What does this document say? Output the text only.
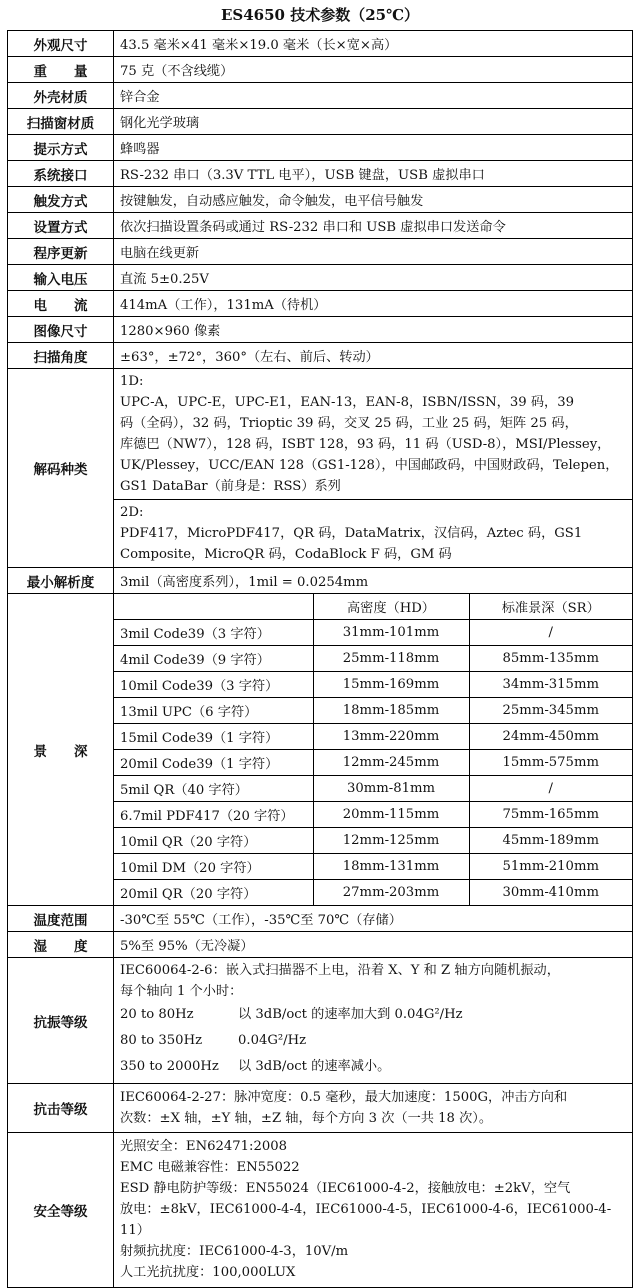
ES4650 技术参数（25℃）
外观尺寸	43.5 毫米×41 毫米×19.0 毫米（长×宽×高）
重　　量	75 克（不含线缆）
外壳材质	锌合金
扫描窗材质	钢化光学玻璃
提示方式	蜂鸣器
系统接口	RS-232 串口（3.3V TTL 电平），USB 键盘，USB 虚拟串口
触发方式	按键触发，自动感应触发，命令触发，电平信号触发
设置方式	依次扫描设置条码或通过 RS-232 串口和 USB 虚拟串口发送命令
程序更新	电脑在线更新
输入电压	直流 5±0.25V
电　　流	414mA（工作），131mA（待机）
图像尺寸	1280×960 像素
扫描角度	±63°，±72°，360°（左右、前后、转动）
解码种类	
1D:
UPC-A，UPC-E，UPC-E1，EAN-13，EAN-8，ISBN/ISSN，39 码，39
码（全码），32 码，Trioptic 39 码，交叉 25 码，工业 25 码，矩阵 25 码，
库德巴（NW7），128 码，ISBT 128，93 码，11 码（USD-8），MSI/Plessey，
UK/Plessey，UCC/EAN 128（GS1-128），中国邮政码，中国财政码，Telepen，
GS1 DataBar（前身是：RSS）系列

2D:
PDF417，MicroPDF417，QR 码，DataMatrix，汉信码，Aztec 码，GS1
Composite，MicroQR 码，CodaBlock F 码，GM 码

最小解析度	3mil（高密度系列），1mil = 0.0254mm
景　　深	
	高密度（HD）	标准景深（SR）
3mil Code39（3 字符）	31mm-101mm	/
4mil Code39（9 字符）	25mm-118mm	85mm-135mm
10mil Code39（3 字符）	15mm-169mm	34mm-315mm
13mil UPC（6 字符）	18mm-185mm	25mm-345mm
15mil Code39（1 字符）	13mm-220mm	24mm-450mm
20mil Code39（1 字符）	12mm-245mm	15mm-575mm
5mil QR（40 字符）	30mm-81mm	/
6.7mil PDF417（20 字符）	20mm-115mm	75mm-165mm
10mil QR（20 字符）	12mm-125mm	45mm-189mm
10mil DM（20 字符）	18mm-131mm	51mm-210mm
20mil QR（20 字符）	27mm-203mm	30mm-410mm

温度范围	-30℃至 55℃（工作），-35℃至 70℃（存储）
湿　　度	5%至 95%（无冷凝）
抗振等级	
IEC60064-2-6：嵌入式扫描器不上电，沿着 X、Y 和 Z 轴方向随机振动，
每个轴向 1 个小时：
20 to 80Hz	以 3dB/oct 的速率加大到 0.04G²/Hz
80 to 350Hz	0.04G²/Hz
350 to 2000Hz	以 3dB/oct 的速率减小。

抗击等级	
IEC60064-2-27：脉冲宽度：0.5 毫秒，最大加速度：1500G，冲击方向和
次数：±X 轴，±Y 轴，±Z 轴，每个方向 3 次（一共 18 次）。

安全等级	
光照安全：EN62471:2008
EMC 电磁兼容性：EN55022
ESD 静电防护等级：EN55024（IEC61000-4-2，接触放电：±2kV，空气
放电：±8kV，IEC61000-4-4，IEC61000-4-5，IEC61000-4-6，IEC61000-4-11）
射频抗扰度：IEC61000-4-3，10V/m
人工光抗扰度：100,000LUX
